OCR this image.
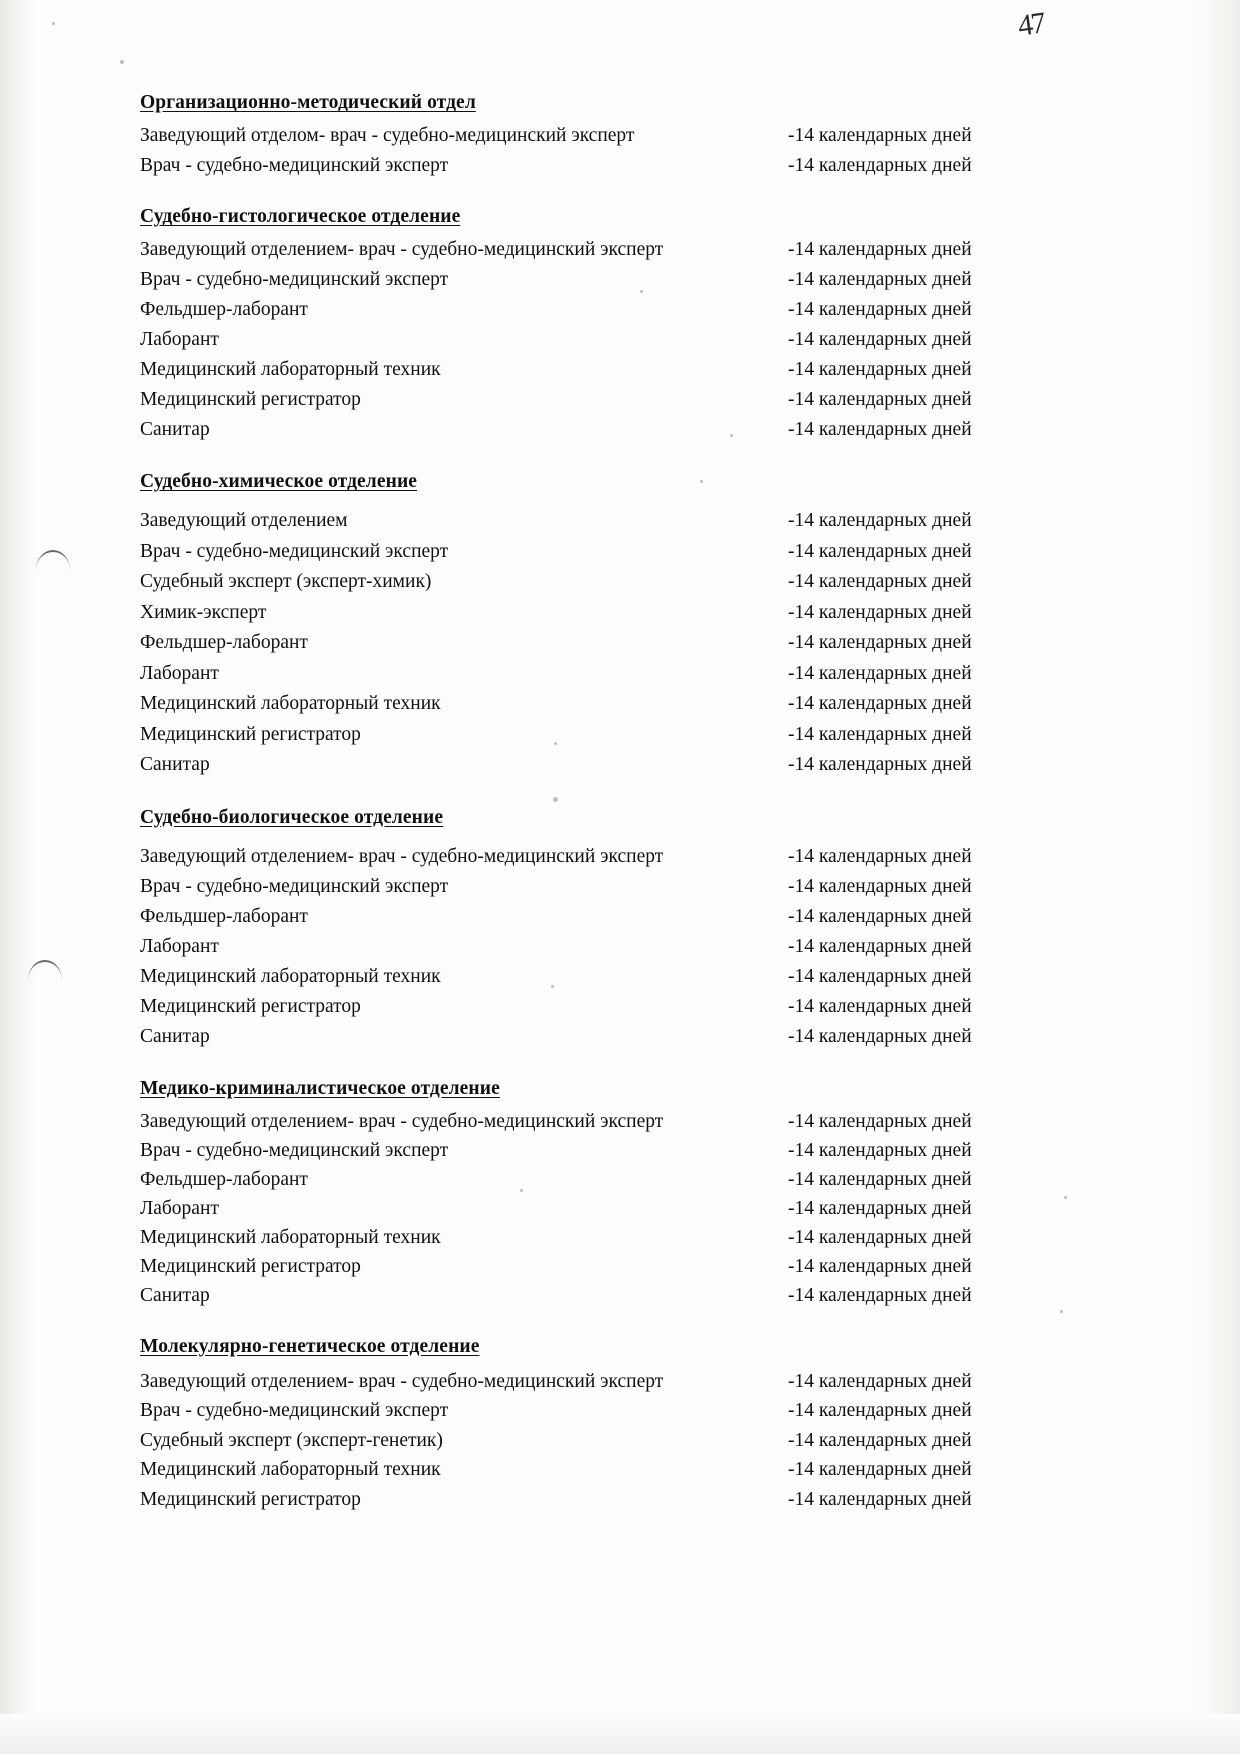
47
Организационно-методический отдел
Заведующий отделом- врач - судебно-медицинский эксперт	-14 календарных дней
Врач - судебно-медицинский эксперт	-14 календарных дней
Судебно-гистологическое отделение
Заведующий отделением- врач - судебно-медицинский эксперт	-14 календарных дней
Врач - судебно-медицинский эксперт	-14 календарных дней
Фельдшер-лаборант	-14 календарных дней
Лаборант	-14 календарных дней
Медицинский лабораторный техник	-14 календарных дней
Медицинский регистратор	-14 календарных дней
Санитар	-14 календарных дней
Судебно-химическое отделение
Заведующий отделением	-14 календарных дней
Врач - судебно-медицинский эксперт	-14 календарных дней
Судебный эксперт (эксперт-химик)	-14 календарных дней
Химик-эксперт	-14 календарных дней
Фельдшер-лаборант	-14 календарных дней
Лаборант	-14 календарных дней
Медицинский лабораторный техник	-14 календарных дней
Медицинский регистратор	-14 календарных дней
Санитар	-14 календарных дней
Судебно-биологическое отделение
Заведующий отделением- врач - судебно-медицинский эксперт	-14 календарных дней
Врач - судебно-медицинский эксперт	-14 календарных дней
Фельдшер-лаборант	-14 календарных дней
Лаборант	-14 календарных дней
Медицинский лабораторный техник	-14 календарных дней
Медицинский регистратор	-14 календарныx дней
Санитар	-14 календарных дней
Медико-криминалистическое отделение
Заведующий отделением- врач - судебно-медицинский эксперт	-14 календарных дней
Врач - судебно-медицинский эксперт	-14 календарных дней
Фельдшер-лаборант	-14 календарных дней
Лаборант	-14 календарных дней
Медицинский лабораторный техник	-14 календарных дней
Медицинский регистратор	-14 календарных дней
Санитар	-14 календарных дней
Молекулярно-генетическое отделение
Заведующий отделением- врач - судебно-медицинский эксперт	-14 календарных дней
Врач - судебно-медицинский эксперт	-14 календарных дней
Судебный эксперт (эксперт-генетик)	-14 календарных дней
Медицинский лабораторный техник	-14 календарных дней
Медицинский регистратор	-14 календарных дней
